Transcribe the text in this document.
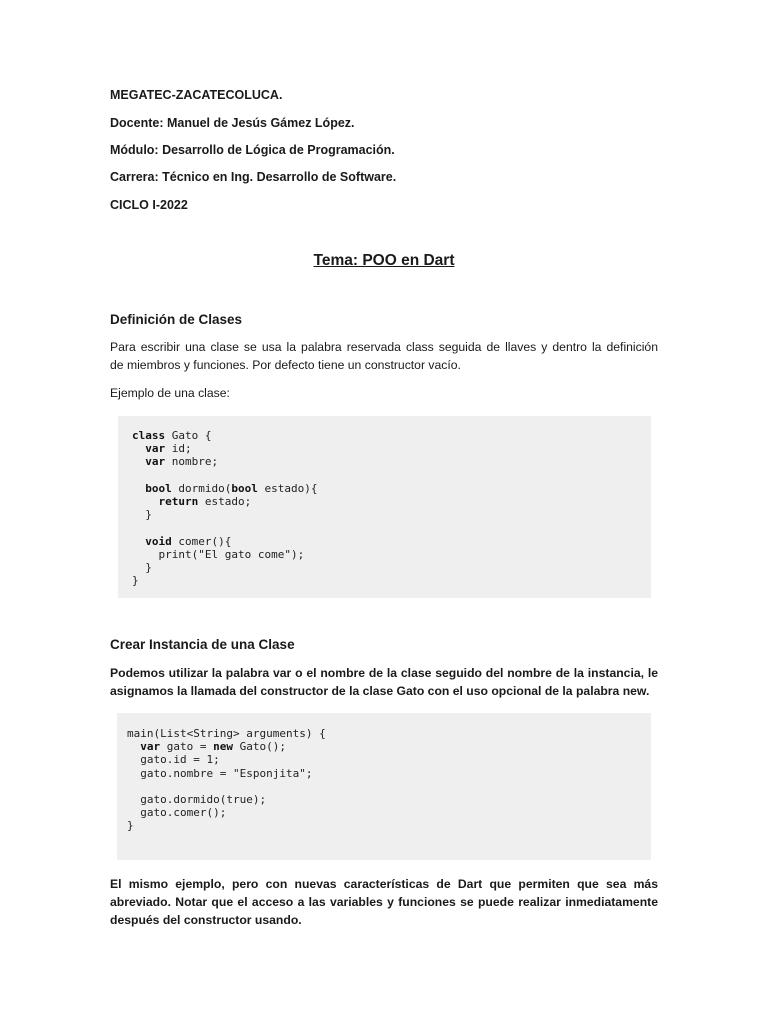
MEGATEC-ZACATECOLUCA.
Docente: Manuel de Jesús Gámez López.
Módulo: Desarrollo de Lógica de Programación.
Carrera: Técnico en Ing. Desarrollo de Software.
CICLO I-2022
Tema: POO en Dart
Definición de Clases
Para escribir una clase se usa la palabra reservada class seguida de llaves y dentro la definición
de miembros y funciones. Por defecto tiene un constructor vacío.
Ejemplo de una clase:
class Gato {
var id;
var nombre;

bool dormido(bool estado){
return estado;
}

void comer(){
print("El gato come");
}
}
Crear Instancia de una Clase
Podemos utilizar la palabra var o el nombre de la clase seguido del nombre de la instancia, le
asignamos la llamada del constructor de la clase Gato con el uso opcional de la palabra new.
main(List<String> arguments) {
var gato = new Gato();
gato.id = 1;
gato.nombre = "Esponjita";

gato.dormido(true);
gato.comer();
}
El mismo ejemplo, pero con nuevas características de Dart que permiten que sea más
abreviado. Notar que el acceso a las variables y funciones se puede realizar inmediatamente
después del constructor usando.
